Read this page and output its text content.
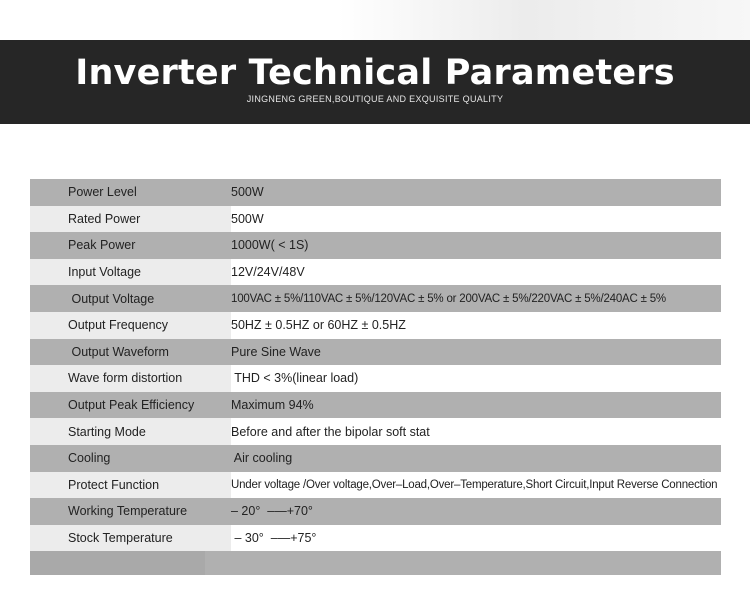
Inverter Technical Parameters
JINGNENG GREEN,BOUTIQUE AND EXQUISITE QUALITY
Power Level	500W
Rated Power	500W
Peak Power	1000W( < 1S)
Input Voltage	12V/24V/48V
Output Voltage	100VAC ± 5%/110VAC ± 5%/120VAC ± 5% or 200VAC ± 5%/220VAC ± 5%/240AC ± 5%
Output Frequency	50HZ ± 0.5HZ or 60HZ ± 0.5HZ
Output Waveform	Pure Sine Wave
Wave form distortion	THD < 3%(linear load)
Output Peak Efficiency	Maximum 94%
Starting Mode	Before and after the bipolar soft stat
Cooling	Air cooling
Protect Function	Under voltage /Over voltage,Over–Load,Over–Temperature,Short Circuit,Input Reverse Connection
Working Temperature	– 20°  –—+70°
Stock Temperature	– 30°  –—+75°
